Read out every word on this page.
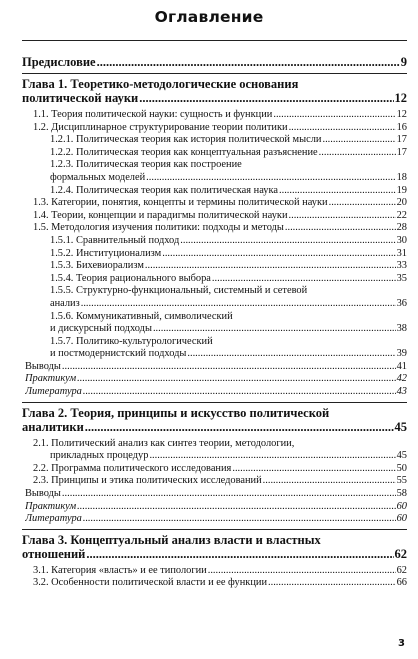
Оглавление
Предисловие .....	9
Глава 1. Теоретико-методологические основания
политической науки .....	12
1.1. Теория политической науки: сущность и функции .....	12
1.2. Дисциплинарное структурирование теории политики .....	16
1.2.1. Политическая теория как история политической мысли .....	17
1.2.2. Политическая теория как концептуальная разъяснение .....	17
1.2.3. Политическая теория как построение
формальных моделей .....	18
1.2.4. Политическая теория как политическая наука .....	19
1.3. Категории, понятия, концепты и термины политической науки .....	20
1.4. Теории, концепции и парадигмы политической науки .....	22
1.5. Методология изучения политики: подходы и методы .....	28
1.5.1. Сравнительный подход .....	30
1.5.2. Институционализм .....	31
1.5.3. Бихевиорализм .....	33
1.5.4. Теория рационального выбора .....	35
1.5.5. Структурно-функциональный, системный и сетевой
анализ .....	36
1.5.6. Коммуникативный, символический
и дискурсный подходы .....	38
1.5.7. Политико-культурологический
и постмодернистский подходы .....	39
Выводы .....	41
Практикум .....	42
Литература .....	43
Глава 2. Теория, принципы и искусство политической
аналитики .....	45
2.1. Политический анализ как синтез теории, методологии,
прикладных процедур .....	45
2.2. Программа политического исследования .....	50
2.3. Принципы и этика политических исследований .....	55
Выводы .....	58
Практикум .....	60
Литература .....	60
Глава 3. Концептуальный анализ власти и властных
отношений .....	62
3.1. Категория «власть» и ее типологии .....	62
3.2. Особенности политической власти и ее функции .....	66
3
